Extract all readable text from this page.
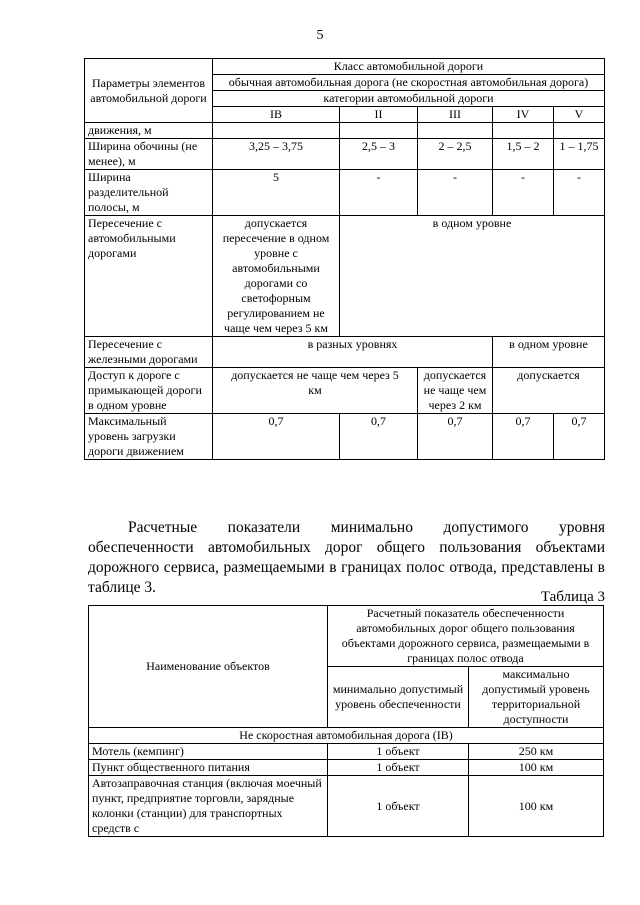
5
Параметры элементов автомобильной дороги	Класс автомобильной дороги				
	обычная автомобильная дорога (не скоростная автомобильная дорога)				
	категории автомобильной дороги				
	IB	II	III	IV	V
движения, м					
Ширина обочины (не менее), м	3,25 – 3,75	2,5 – 3	2 – 2,5	1,5 – 2	1 – 1,75
Ширина разделительной полосы, м	5	-	-	-	-
Пересечение с автомобильными дорогами	допускается пересечение в одном уровне с автомобильными дорогами со светофорным регулированием не чаще чем через 5 км	в одном уровне			
Пересечение с железными дорогами	в разных уровнях			в одном уровне	
Доступ к дороге с примыкающей дороги в одном уровне	допускается не чаще чем через 5 км		допускается не чаще чем через 2 км	допускается	
Максимальный уровень загрузки дороги движением	0,7	0,7	0,7	0,7	0,7
Расчетные показатели минимально допустимого уровня обеспеченности автомобильных дорог общего пользования объектами дорожного сервиса, размещаемыми в границах полос отвода, представлены в таблице 3.
Таблица 3
Наименование объектов	Расчетный показатель обеспеченности автомобильных дорог общего пользования объектами дорожного сервиса, размещаемыми в границах полос отвода	
	минимально допустимый уровень обеспеченности	максимально допустимый уровень территориальной доступности
Не скоростная автомобильная дорога (IB)		
Мотель (кемпинг)	1 объект	250 км
Пункт общественного питания	1 объект	100 км
Автозаправочная станция (включая моечный пункт, предприятие торговли, зарядные колонки (станции) для транспортных средств с	1 объект	100 км
